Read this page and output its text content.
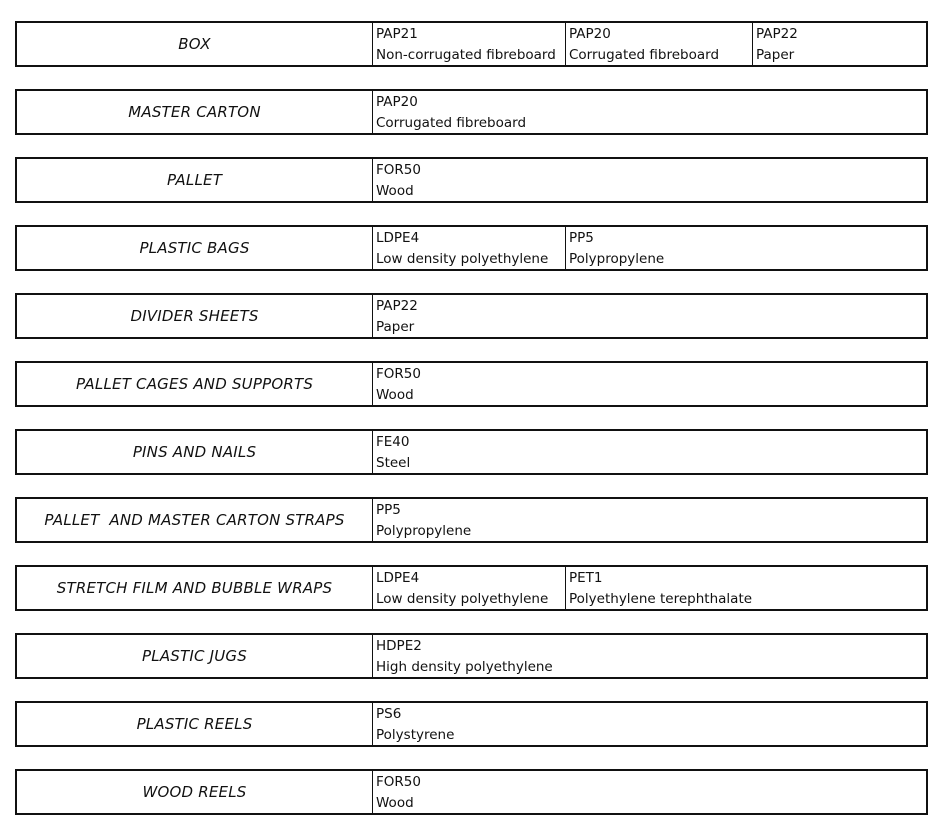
BOX
PAP21
Non-corrugated fibreboard
PAP20
Corrugated fibreboard
PAP22
Paper
MASTER CARTON
PAP20
Corrugated fibreboard
PALLET
FOR50
Wood
PLASTIC BAGS
LDPE4
Low density polyethylene
PP5
Polypropylene
DIVIDER SHEETS
PAP22
Paper
PALLET CAGES AND SUPPORTS
FOR50
Wood
PINS AND NAILS
FE40
Steel
PALLET  AND MASTER CARTON STRAPS
PP5
Polypropylene
STRETCH FILM AND BUBBLE WRAPS
LDPE4
Low density polyethylene
PET1
Polyethylene terephthalate
PLASTIC JUGS
HDPE2
High density polyethylene
PLASTIC REELS
PS6
Polystyrene
WOOD REELS
FOR50
Wood
